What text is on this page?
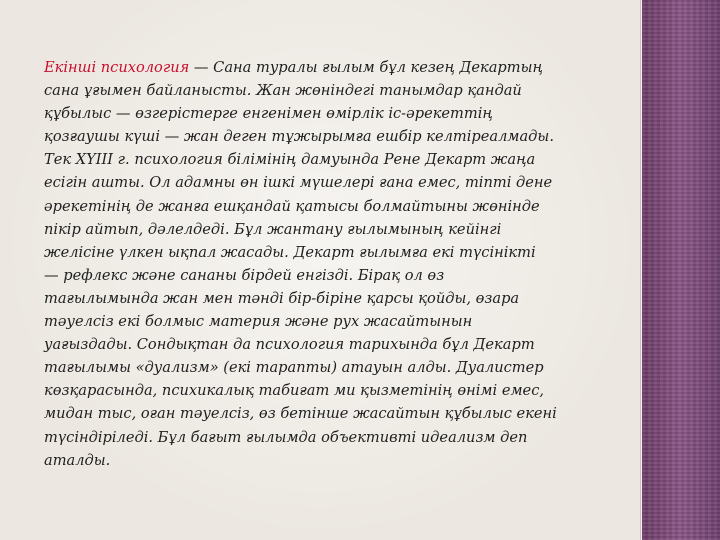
Екінші психология — Сана туралы ғылым бұл кезең Декартың
сана ұғымен байланысты. Жан жөніндегі танымдар қандай
құбылыс — өзгерістерге енгенімен өмірлік іс-әрекеттің
қозғаушы күші — жан деген тұжырымға ешбір келтіреалмады.
Тек XYIII г. психология білімінің дамуында Рене Декарт жаңа
есігін ашты. Ол адамны өн ішкі мүшелері ғана емес, тіпті дене
әрекетінің де жанға ешқандай қатысы болмайтыны жөнінде
пікір айтып, дәлелдеді. Бұл жантану ғылымының кейінгі
желісіне үлкен ықпал жасады. Декарт ғылымға екі түсінікті
— рефлекс және сананы бірдей енгізді. Бірақ ол өз
тағылымында жан мен тәнді бір-біріне қарсы қойды, өзара
тәуелсіз екі болмыс материя және рух жасайтынын
уағыздады. Сондықтан да психология тарихында бұл Декарт
тағылымы «дуализм» (екі тарапты) атауын алды. Дуалистер
көзқарасында, психикалық табиғат ми қызметінің өнімі емес,
мидан тыс, оған тәуелсіз, өз бетінше жасайтын құбылыс екені
түсіндіріледі. Бұл бағыт ғылымда объективті идеализм деп
аталды.
